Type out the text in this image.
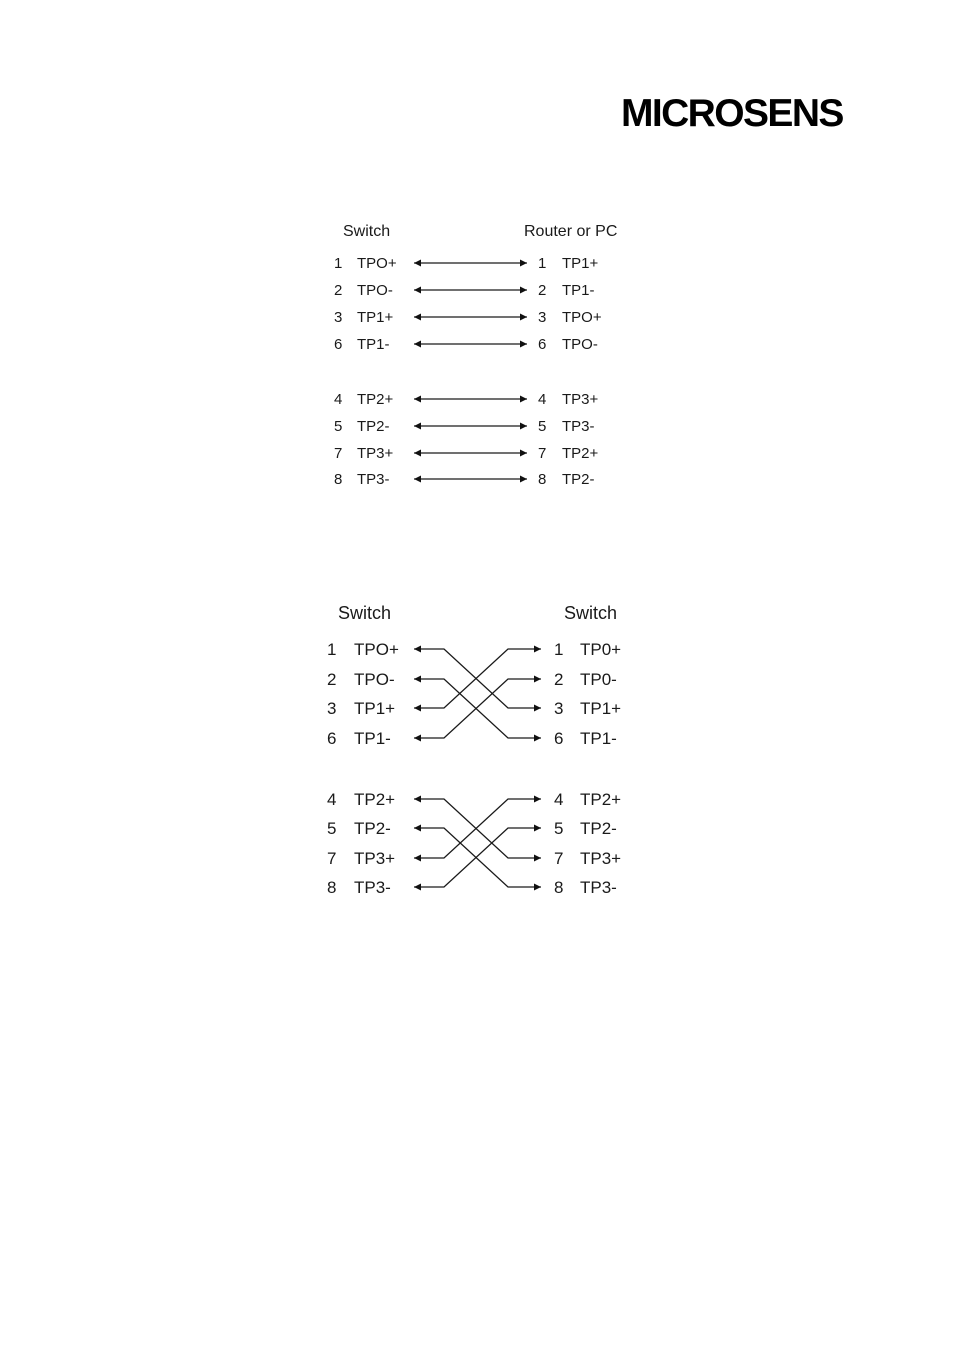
MICROSENS
Switch	Router or PC
1 TPO+	1 TP1+
2 TPO-	2 TP1-
3 TP1+	3 TPO+
6 TP1-	6 TPO-
4 TP2+	4 TP3+
5 TP2-	5 TP3-
7 TP3+	7 TP2+
8 TP3-	8 TP2-
Switch	Switch
1 TPO+	1 TP0+
2 TPO-	2 TP0-
3 TP1+	3 TP1+
6 TP1-	6 TP1-
4 TP2+	4 TP2+
5 TP2-	5 TP2-
7 TP3+	7 TP3+
8 TP3-	8 TP3-
